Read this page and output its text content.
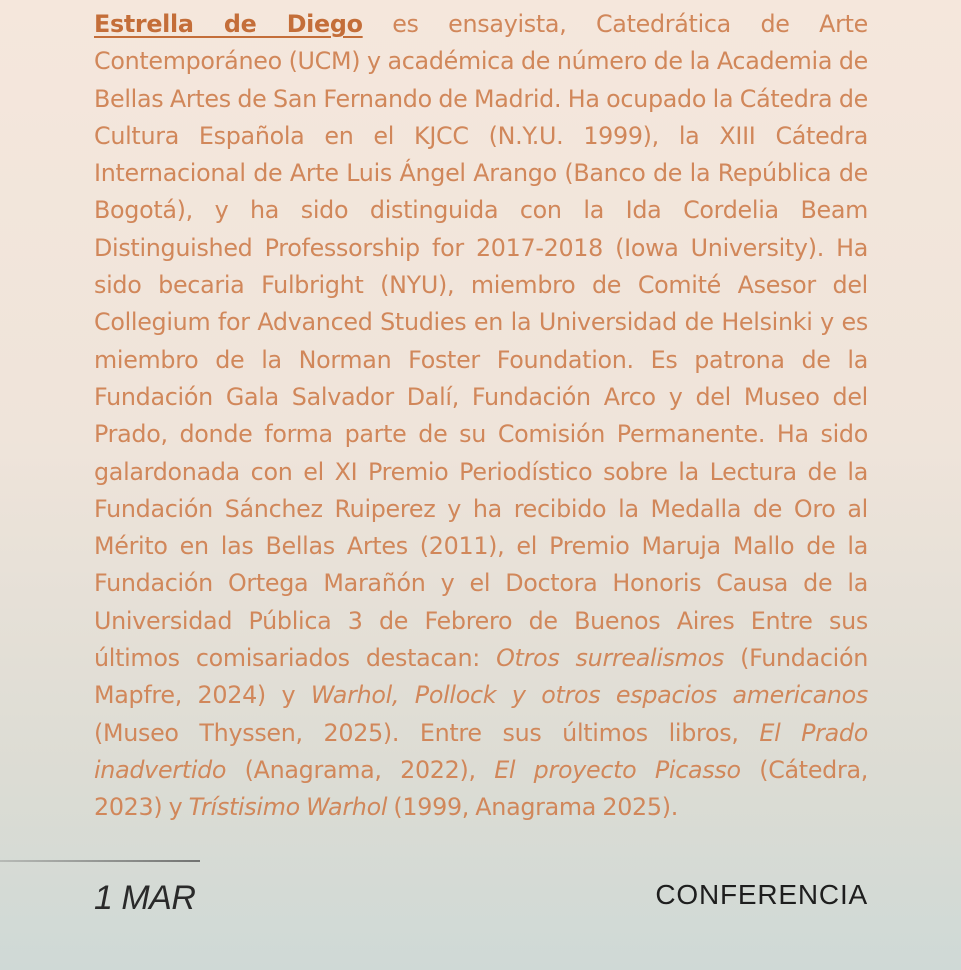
Estrella de Diego es ensayista, Catedrática de Arte Contemporáneo (UCM) y académica de número de la Academia de Bellas Artes de San Fernando de Madrid. Ha ocupado la Cátedra de Cultura Española en el KJCC (N.Y.U. 1999), la XIII Cátedra Internacional de Arte Luis Ángel Arango (Banco de la República de Bogotá), y ha sido distinguida con la Ida Cordelia Beam Distinguished Professorship for 2017-2018 (Iowa University). Ha sido becaria Fulbright (NYU), miembro de Comité Asesor del Collegium for Advanced Studies en la Universidad de Helsinki y es miembro de la Norman Foster Foundation. Es patrona de la Fundación Gala Salvador Dalí, Fundación Arco y del Museo del Prado, donde forma parte de su Comisión Permanente. Ha sido galardonada con el XI Premio Periodístico sobre la Lectura de la Fundación Sánchez Ruiperez y ha recibido la Medalla de Oro al Mérito en las Bellas Artes (2011), el Premio Maruja Mallo de la Fundación Ortega Marañón y el Doctora Honoris Causa de la Universidad Pública 3 de Febrero de Buenos Aires Entre sus últimos comisariados destacan: Otros surrealismos (Fundación Mapfre, 2024) y Warhol, Pollock y otros espacios americanos (Museo Thyssen, 2025). Entre sus últimos libros, El Prado inadvertido (Anagrama, 2022), El proyecto Picasso (Cátedra, 2023) y Trístisimo Warhol (1999, Anagrama 2025).

1 MAR	CONFERENCIA
